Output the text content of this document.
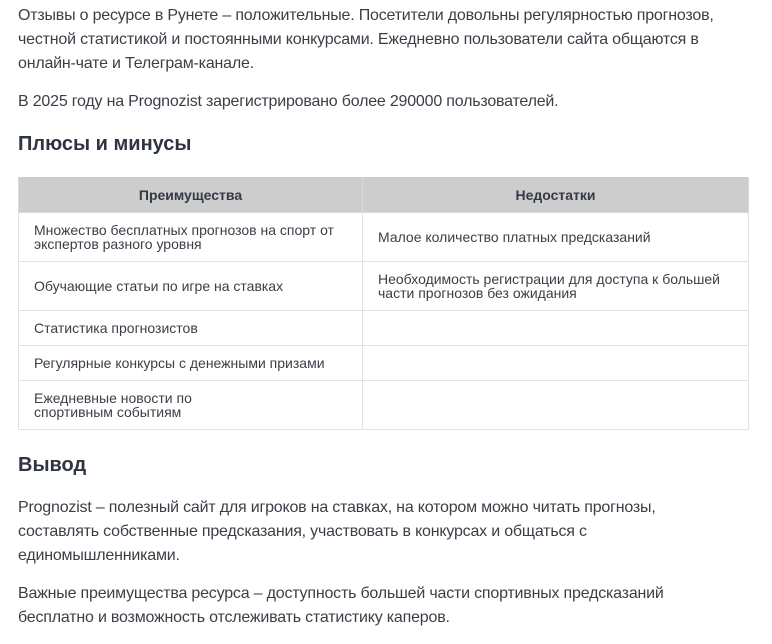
Отзывы о ресурсе в Рунете – положительные. Посетители довольны регулярностью прогнозов, честной статистикой и постоянными конкурсами. Ежедневно пользователи сайта общаются в онлайн-чате и Телеграм-канале.

В 2025 году на Prognozist зарегистрировано более 290000 пользователей.

Плюсы и минусы
Преимущества	Недостатки
Множество бесплатных прогнозов на спорт от экспертов разного уровня	Малое количество платных предсказаний
Обучающие статьи по игре на ставках	Необходимость регистрации для доступа к большей части прогнозов без ожидания
Статистика прогнозистов	
Регулярные конкурсы с денежными призами	
Ежедневные новости по спортивным событиям	
Вывод

Prognozist – полезный сайт для игроков на ставках, на котором можно читать прогнозы, составлять собственные предсказания, участвовать в конкурсах и общаться с единомышленниками.

Важные преимущества ресурса – доступность большей части спортивных предсказаний бесплатно и возможность отслеживать статистику каперов.
